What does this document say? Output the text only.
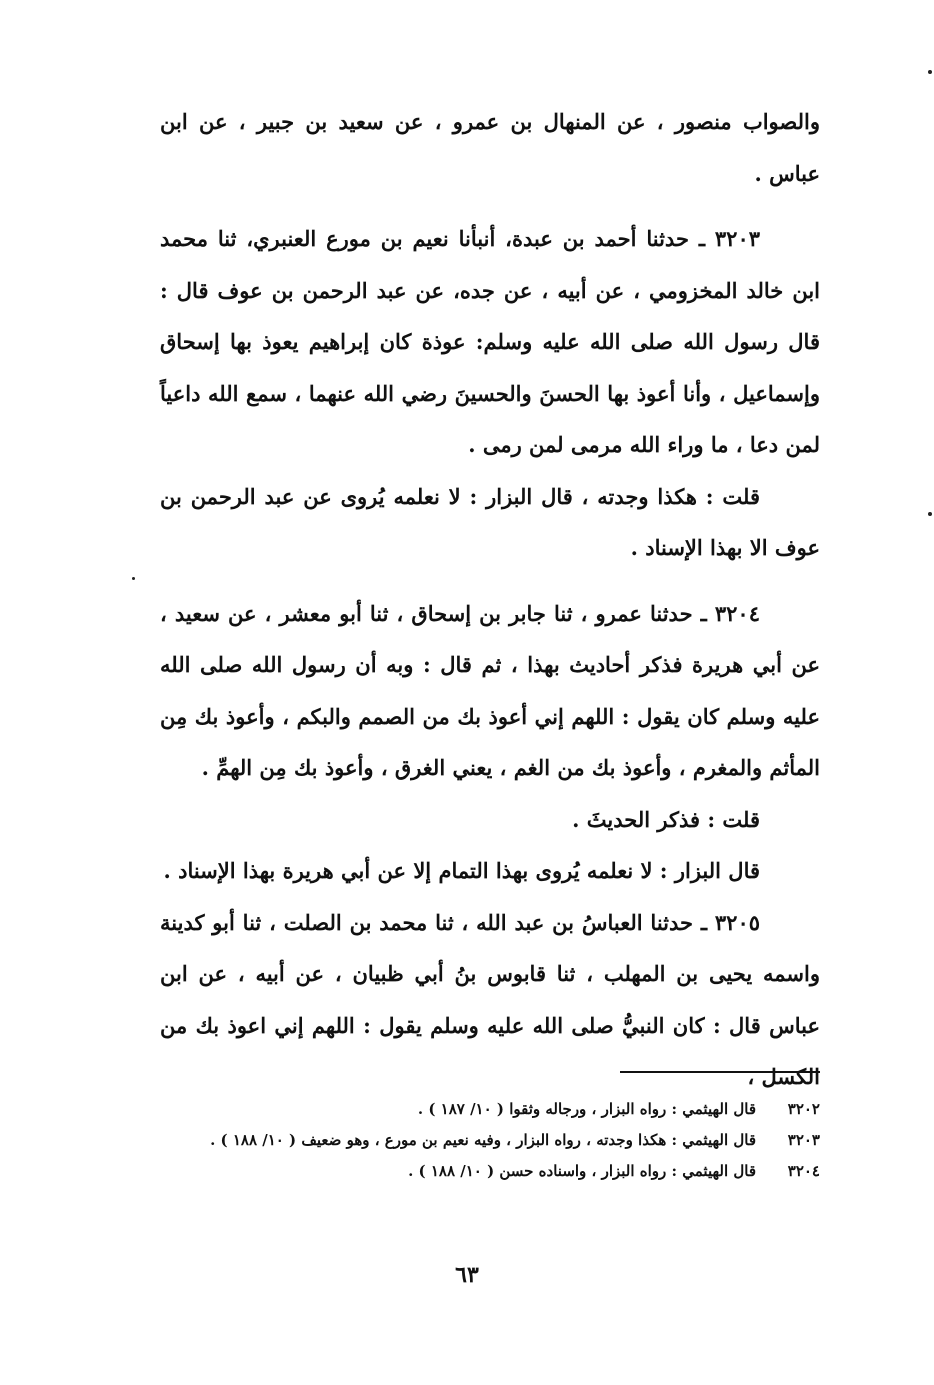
والصواب منصور ، عن المنهال بن عمرو ، عن سعيد بن جبير ، عن ابن عباس .

٣٢٠٣ ـ حدثنا أحمد بن عبدة، أنبأنا نعيم بن مورع العنبري، ثنا محمد ابن خالد المخزومي ، عن أبيه ، عن جده، عن عبد الرحمن بن عوف قال : قال رسول الله صلى الله عليه وسلم: عوذة كان إبراهيم يعوذ بها إسحاق وإسماعيل ، وأنا أعوذ بها الحسنَ والحسينَ رضي الله عنهما ، سمع الله داعياً لمن دعا ، ما وراء الله مرمى لمن رمى .

قلت : هكذا وجدته ، قال البزار : لا نعلمه يُروى عن عبد الرحمن بن عوف الا بهذا الإسناد .

٣٢٠٤ ـ حدثنا عمرو ، ثنا جابر بن إسحاق ، ثنا أبو معشر ، عن سعيد ، عن أبي هريرة فذكر أحاديث بهذا ، ثم قال : وبه أن رسول الله صلى الله عليه وسلم كان يقول : اللهم إني أعوذ بك من الصمم والبكم ، وأعوذ بك مِن المأثم والمغرم ، وأعوذ بك من الغم ، يعني الغرق ، وأعوذ بك مِن الهمِّ .

قلت : فذكر الحديثَ .

قال البزار : لا نعلمه يُروى بهذا التمام إلا عن أبي هريرة بهذا الإسناد .

٣٢٠٥ ـ حدثنا العباسُ بن عبد الله ، ثنا محمد بن الصلت ، ثنا أبو كدينة واسمه يحيى بن المهلب ، ثنا قابوس بنُ أبي ظبيان ، عن أبيه ، عن ابن عباس قال : كان النبيُّ صلى الله عليه وسلم يقول : اللهم إني اعوذ بك من الكسل ،

٣٢٠٢
قال الهيثمي : رواه البزار ، ورجاله وثقوا ( ١٠/ ١٨٧ ) .
٣٢٠٣
قال الهيثمي : هكذا وجدته ، رواه البزار ، وفيه نعيم بن مورع ، وهو ضعيف ( ١٠/ ١٨٨ ) .
٣٢٠٤
قال الهيثمي : رواه البزار ، واسناده حسن ( ١٠/ ١٨٨ ) .
٦٣
